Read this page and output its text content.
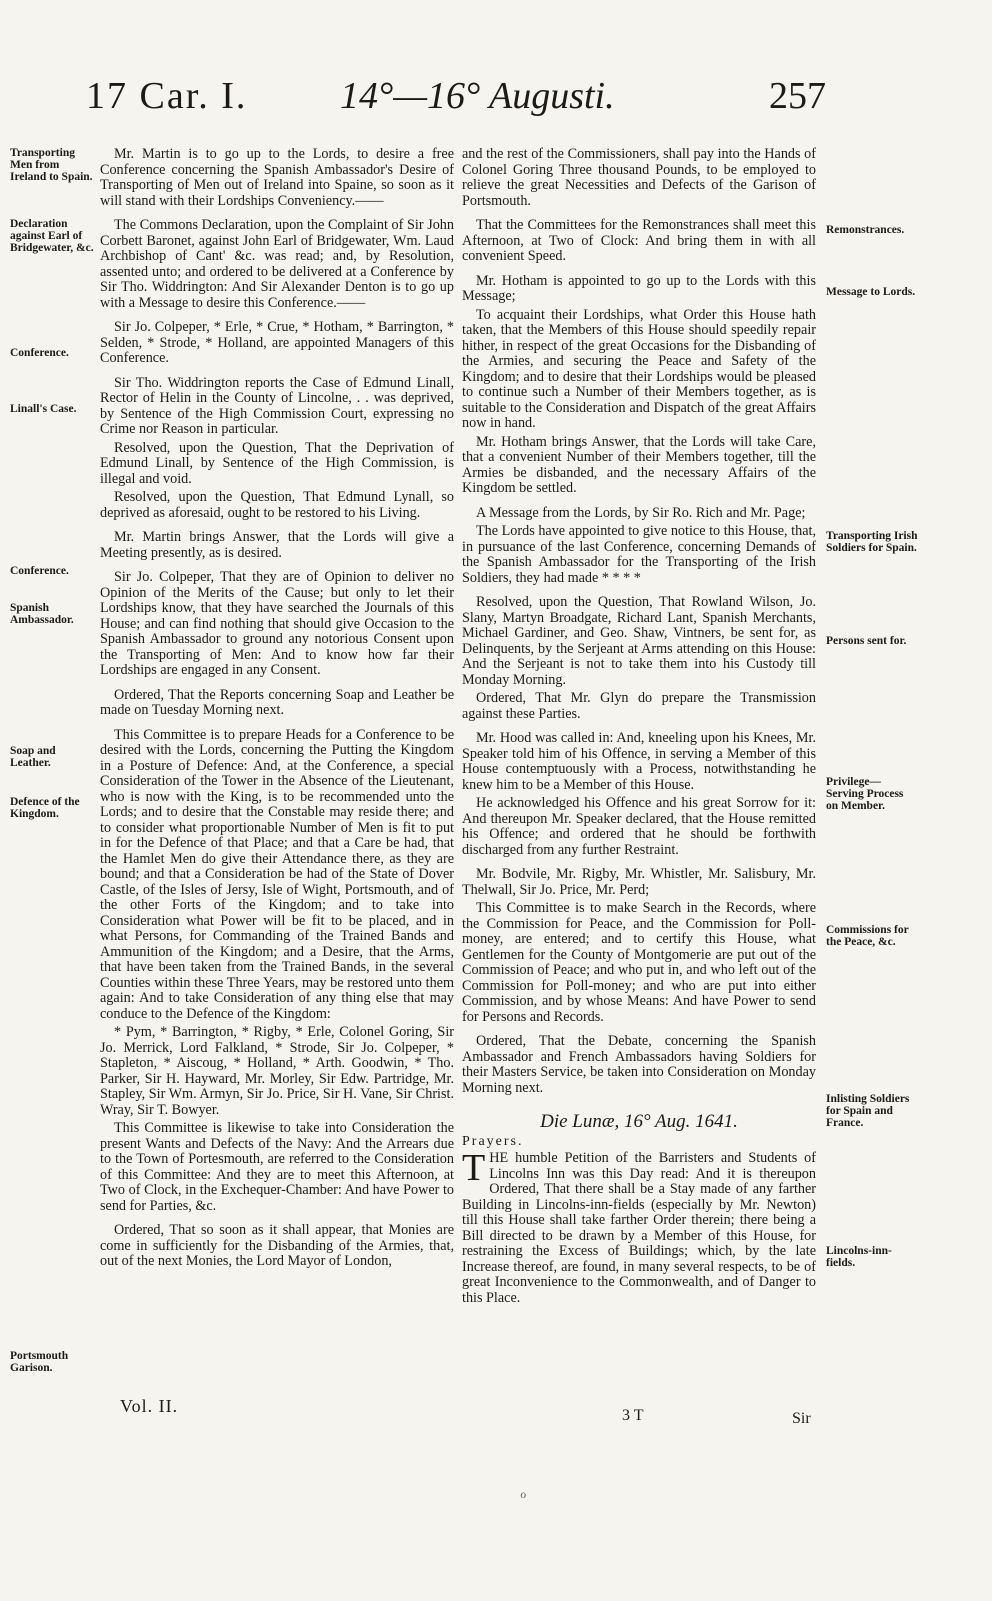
17 Car. I. 14°—16° Augusti.	257
Transporting Men from Ireland to Spain.
Declaration against Earl of Bridgewater, &c.
Conference.
Linall's Case.
Conference.
Spanish Ambassador.
Soap and Leather.
Defence of the Kingdom.
Portsmouth Garison.
Remonstrances.
Message to Lords.
Transporting Irish Soldiers for Spain.
Persons sent for.
Privilege—Serving Process on Member.
Commissions for the Peace, &c.
Inlisting Soldiers for Spain and France.
Lincolns-inn-fields.

Mr. Martin is to go up to the Lords, to desire a free Conference concerning the Spanish Ambassador's Desire of Transporting of Men out of Ireland into Spaine, so soon as it will stand with their Lordships Conveniency.——

The Commons Declaration, upon the Complaint of Sir John Corbett Baronet, against John Earl of Bridgewater, Wm. Laud Archbishop of Cant' &c. was read; and, by Resolution, assented unto; and ordered to be delivered at a Conference by Sir Tho. Widdrington: And Sir Alexander Denton is to go up with a Message to desire this Conference.——

Sir Jo. Colpeper, * Erle, * Crue, * Hotham, * Barrington, * Selden, * Strode, * Holland, are appointed Managers of this Conference.

Sir Tho. Widdrington reports the Case of Edmund Linall, Rector of Helin in the County of Lincolne, . . was deprived, by Sentence of the High Commission Court, expressing no Crime nor Reason in particular.

Resolved, upon the Question, That the Deprivation of Edmund Linall, by Sentence of the High Commission, is illegal and void.

Resolved, upon the Question, That Edmund Lynall, so deprived as aforesaid, ought to be restored to his Living.

Mr. Martin brings Answer, that the Lords will give a Meeting presently, as is desired.

Sir Jo. Colpeper, That they are of Opinion to deliver no Opinion of the Merits of the Cause; but only to let their Lordships know, that they have searched the Journals of this House; and can find nothing that should give Occasion to the Spanish Ambassador to ground any notorious Consent upon the Transporting of Men: And to know how far their Lordships are engaged in any Consent.

Ordered, That the Reports concerning Soap and Leather be made on Tuesday Morning next.

This Committee is to prepare Heads for a Conference to be desired with the Lords, concerning the Putting the Kingdom in a Posture of Defence: And, at the Conference, a special Consideration of the Tower in the Absence of the Lieutenant, who is now with the King, is to be recommended unto the Lords; and to desire that the Constable may reside there; and to consider what proportionable Number of Men is fit to put in for the Defence of that Place; and that a Care be had, that the Hamlet Men do give their Attendance there, as they are bound; and that a Consideration be had of the State of Dover Castle, of the Isles of Jersy, Isle of Wight, Portsmouth, and of the other Forts of the Kingdom; and to take into Consideration what Power will be fit to be placed, and in what Persons, for Commanding of the Trained Bands and Ammunition of the Kingdom; and a Desire, that the Arms, that have been taken from the Trained Bands, in the several Counties within these Three Years, may be restored unto them again: And to take Consideration of any thing else that may conduce to the Defence of the Kingdom:

* Pym, * Barrington, * Rigby, * Erle, Colonel Goring, Sir Jo. Merrick, Lord Falkland, * Strode, Sir Jo. Colpeper, * Stapleton, * Aiscoug, * Holland, * Arth. Goodwin, * Tho. Parker, Sir H. Hayward, Mr. Morley, Sir Edw. Partridge, Mr. Stapley, Sir Wm. Armyn, Sir Jo. Price, Sir H. Vane, Sir Christ. Wray, Sir T. Bowyer.

This Committee is likewise to take into Consideration the present Wants and Defects of the Navy: And the Arrears due to the Town of Portesmouth, are referred to the Consideration of this Committee: And they are to meet this Afternoon, at Two of Clock, in the Exchequer-Chamber: And have Power to send for Parties, &c.

Ordered, That so soon as it shall appear, that Monies are come in sufficiently for the Disbanding of the Armies, that, out of the next Monies, the Lord Mayor of London,

and the rest of the Commissioners, shall pay into the Hands of Colonel Goring Three thousand Pounds, to be employed to relieve the great Necessities and Defects of the Garison of Portsmouth.

That the Committees for the Remonstrances shall meet this Afternoon, at Two of Clock: And bring them in with all convenient Speed.

Mr. Hotham is appointed to go up to the Lords with this Message;

To acquaint their Lordships, what Order this House hath taken, that the Members of this House should speedily repair hither, in respect of the great Occasions for the Disbanding of the Armies, and securing the Peace and Safety of the Kingdom; and to desire that their Lordships would be pleased to continue such a Number of their Members together, as is suitable to the Consideration and Dispatch of the great Affairs now in hand.

Mr. Hotham brings Answer, that the Lords will take Care, that a convenient Number of their Members together, till the Armies be disbanded, and the necessary Affairs of the Kingdom be settled.

A Message from the Lords, by Sir Ro. Rich and Mr. Page;

The Lords have appointed to give notice to this House, that, in pursuance of the last Conference, concerning Demands of the Spanish Ambassador for the Transporting of the Irish Soldiers, they had made * * * *

Resolved, upon the Question, That Rowland Wilson, Jo. Slany, Martyn Broadgate, Richard Lant, Spanish Merchants, Michael Gardiner, and Geo. Shaw, Vintners, be sent for, as Delinquents, by the Serjeant at Arms attending on this House: And the Serjeant is not to take them into his Custody till Monday Morning.

Ordered, That Mr. Glyn do prepare the Transmission against these Parties.

Mr. Hood was called in: And, kneeling upon his Knees, Mr. Speaker told him of his Offence, in serving a Member of this House contemptuously with a Process, notwithstanding he knew him to be a Member of this House.

He acknowledged his Offence and his great Sorrow for it: And thereupon Mr. Speaker declared, that the House remitted his Offence; and ordered that he should be forthwith discharged from any further Restraint.

Mr. Bodvile, Mr. Rigby, Mr. Whistler, Mr. Salisbury, Mr. Thelwall, Sir Jo. Price, Mr. Perd;

This Committee is to make Search in the Records, where the Commission for Peace, and the Commission for Poll-money, are entered; and to certify this House, what Gentlemen for the County of Montgomerie are put out of the Commission of Peace; and who put in, and who left out of the Commission for Poll-money; and who are put into either Commission, and by whose Means: And have Power to send for Persons and Records.

Ordered, That the Debate, concerning the Spanish Ambassador and French Ambassadors having Soldiers for their Masters Service, be taken into Consideration on Monday Morning next.

Die Lunæ, 16° Aug. 1641.
Prayers.

THE humble Petition of the Barristers and Students of Lincolns Inn was this Day read: And it is thereupon Ordered, That there shall be a Stay made of any farther Building in Lincolns-inn-fields (especially by Mr. Newton) till this House shall take farther Order therein; there being a Bill directed to be drawn by a Member of this House, for restraining the Excess of Buildings; which, by the late Increase thereof, are found, in many several respects, to be of great Inconvenience to the Commonwealth, and of Danger to this Place.

Vol. II.	3 T	Sir
ℴ
